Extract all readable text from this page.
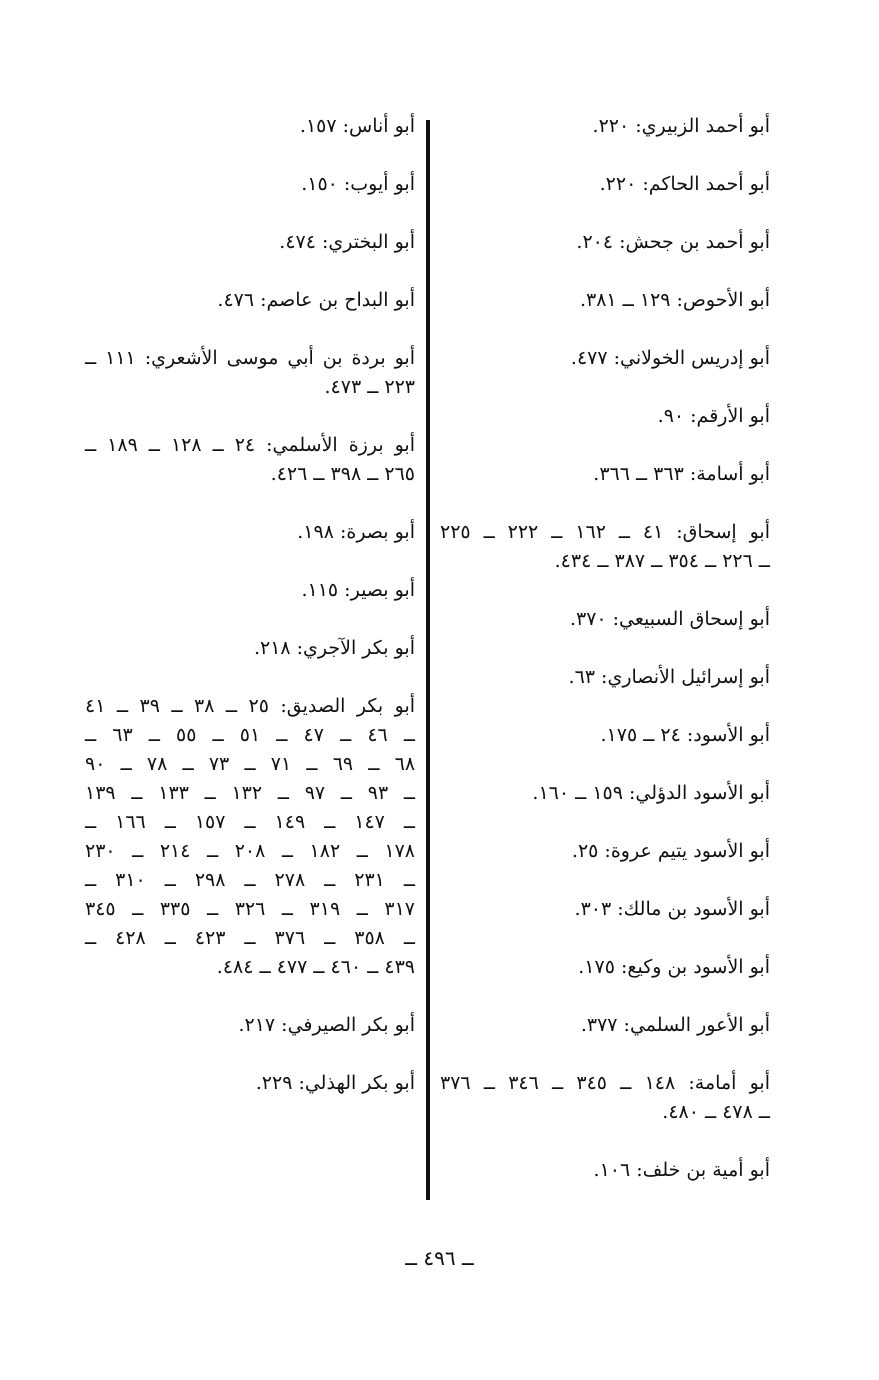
أبو أحمد الزبيري: ٢٢٠.
أبو أحمد الحاكم: ٢٢٠.
أبو أحمد بن جحش: ٢٠٤.
أبو الأحوص: ١٢٩ ــ ٣٨١.
أبو إدريس الخولاني: ٤٧٧.
أبو الأرقم: ٩٠.
أبو أسامة: ٣٦٣ ــ ٣٦٦.
أبو إسحاق: ٤١ ــ ١٦٢ ــ ٢٢٢ ــ ٢٢٥
ــ ٢٢٦ ــ ٣٥٤ ــ ٣٨٧ ــ ٤٣٤.
أبو إسحاق السبيعي: ٣٧٠.
أبو إسرائيل الأنصاري: ٦٣.
أبو الأسود: ٢٤ ــ ١٧٥.
أبو الأسود الدؤلي: ١٥٩ ــ ١٦٠.
أبو الأسود يتيم عروة: ٢٥.
أبو الأسود بن مالك: ٣٠٣.
أبو الأسود بن وكيع: ١٧٥.
أبو الأعور السلمي: ٣٧٧.
أبو أمامة: ١٤٨ ــ ٣٤٥ ــ ٣٤٦ ــ ٣٧٦
ــ ٤٧٨ ــ ٤٨٠.
أبو أمية بن خلف: ١٠٦.
أبو أناس: ١٥٧.
أبو أيوب: ١٥٠.
أبو البختري: ٤٧٤.
أبو البداح بن عاصم: ٤٧٦.
أبو بردة بن أبي موسى الأشعري: ١١١ ــ
٢٢٣ ــ ٤٧٣.
أبو برزة الأسلمي: ٢٤ ــ ١٢٨ ــ ١٨٩ ــ
٢٦٥ ــ ٣٩٨ ــ ٤٢٦.
أبو بصرة: ١٩٨.
أبو بصير: ١١٥.
أبو بكر الآجري: ٢١٨.
أبو بكر الصديق: ٢٥ ــ ٣٨ ــ ٣٩ ــ ٤١
ــ ٤٦ ــ ٤٧ ــ ٥١ ــ ٥٥ ــ ٦٣ ــ
٦٨ ــ ٦٩ ــ ٧١ ــ ٧٣ ــ ٧٨ ــ ٩٠
ــ ٩٣ ــ ٩٧ ــ ١٣٢ ــ ١٣٣ ــ ١٣٩
ــ ١٤٧ ــ ١٤٩ ــ ١٥٧ ــ ١٦٦ ــ
١٧٨ ــ ١٨٢ ــ ٢٠٨ ــ ٢١٤ ــ ٢٣٠
ــ ٢٣١ ــ ٢٧٨ ــ ٢٩٨ ــ ٣١٠ ــ
٣١٧ ــ ٣١٩ ــ ٣٢٦ ــ ٣٣٥ ــ ٣٤٥
ــ ٣٥٨ ــ ٣٧٦ ــ ٤٢٣ ــ ٤٢٨ ــ
٤٣٩ ــ ٤٦٠ ــ ٤٧٧ ــ ٤٨٤.
أبو بكر الصيرفي: ٢١٧.
أبو بكر الهذلي: ٢٢٩.
ــ ٤٩٦ ــ
